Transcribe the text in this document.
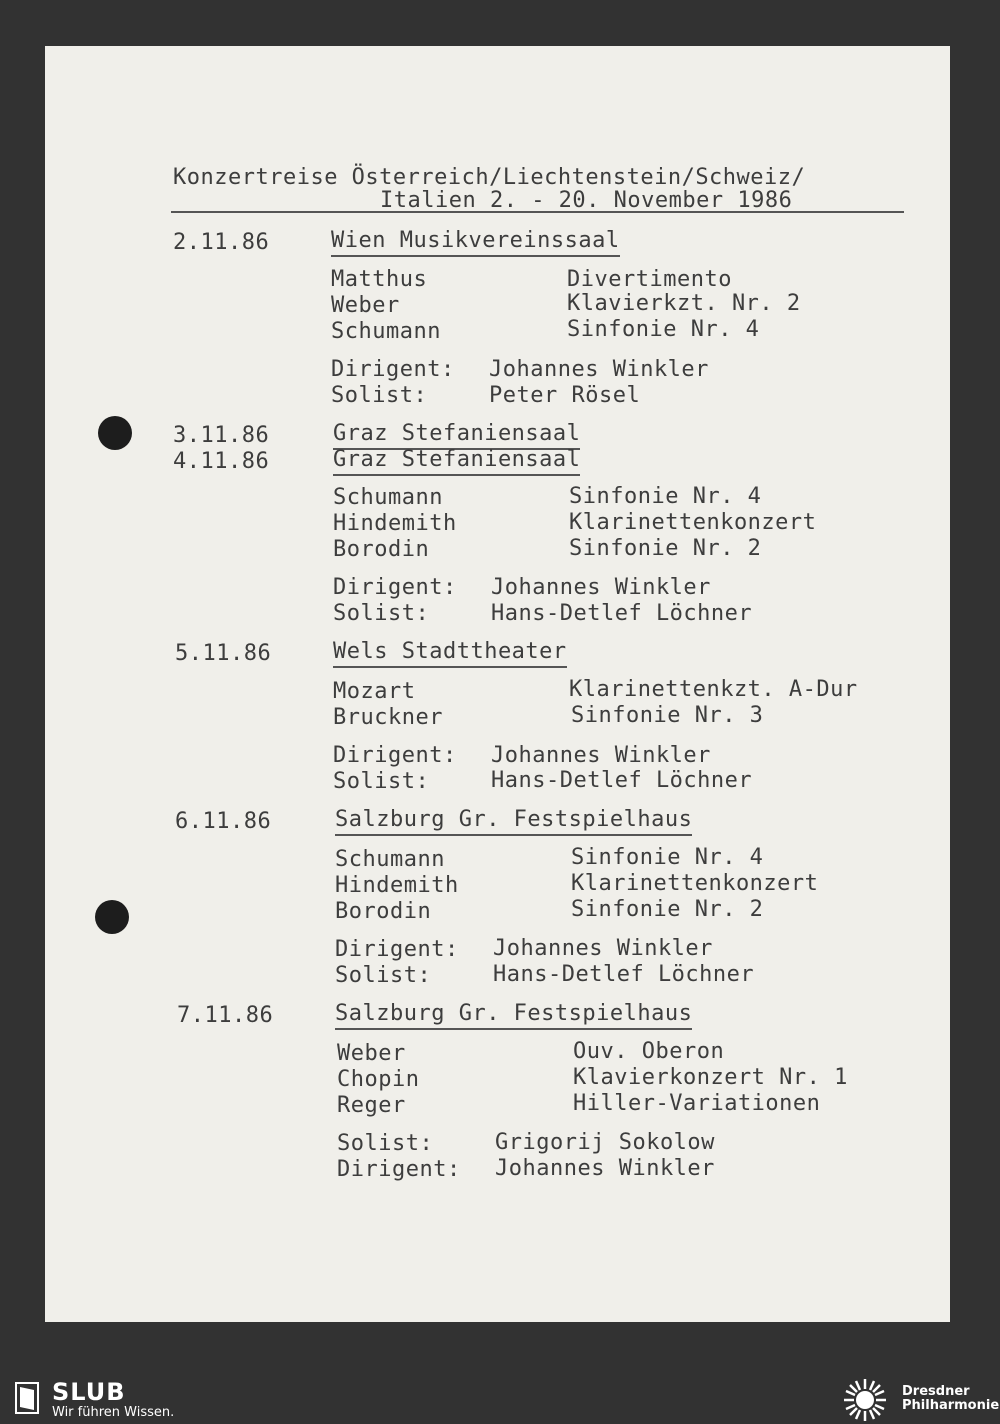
Konzertreise Österreich/Liechtenstein/Schweiz/
Italien 2. - 20. November 1986
2.11.86	Wien Musikvereinssaal
Matthus	Divertimento
Weber	Klavierkzt. Nr. 2
Schumann	Sinfonie Nr. 4
Dirigent: Johannes Winkler
Solist:	Peter Rösel
3.11.86	Graz Stefaniensaal
4.11.86	Graz Stefaniensaal
Schumann	Sinfonie Nr. 4
Hindemith	Klarinettenkonzert
Borodin	Sinfonie Nr. 2
Dirigent: Johannes Winkler
Solist:	Hans-Detlef Löchner
5.11.86	Wels Stadttheater
Mozart	Klarinettenkzt. A-Dur
Bruckner	Sinfonie Nr. 3
Dirigent: Johannes Winkler
Solist:	Hans-Detlef Löchner
6.11.86	Salzburg Gr. Festspielhaus
Schumann	Sinfonie Nr. 4
Hindemith	Klarinettenkonzert
Borodin	Sinfonie Nr. 2
Dirigent: Johannes Winkler
Solist:	Hans-Detlef Löchner
7.11.86	Salzburg Gr. Festspielhaus
Weber	Ouv. Oberon
Chopin	Klavierkonzert Nr. 1
Reger	Hiller-Variationen
Solist:	Grigorij Sokolow
Dirigent: Johannes Winkler
SLUB
Wir führen Wissen.
Dresdner
Philharmonie
